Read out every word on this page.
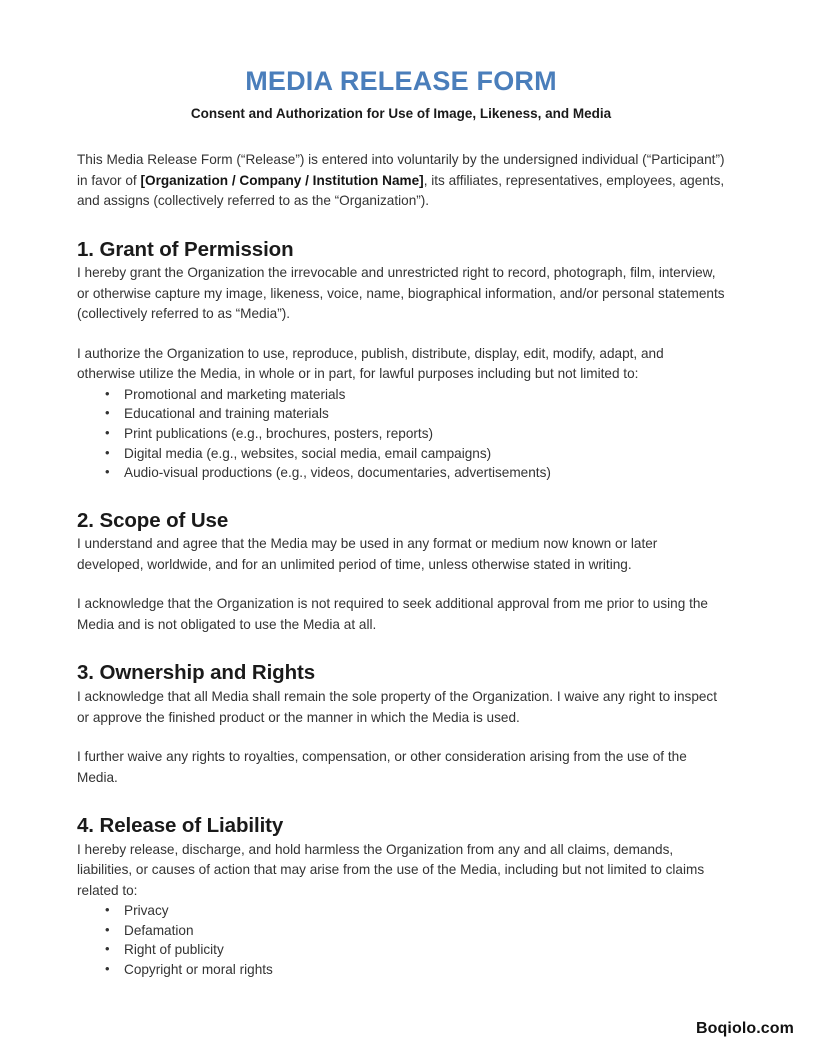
MEDIA RELEASE FORM
Consent and Authorization for Use of Image, Likeness, and Media

This Media Release Form (“Release”) is entered into voluntarily by the undersigned individual (“Participant”) in favor of [Organization / Company / Institution Name], its affiliates, representatives, employees, agents, and assigns (collectively referred to as the “Organization”).

1. Grant of Permission

I hereby grant the Organization the irrevocable and unrestricted right to record, photograph, film, interview, or otherwise capture my image, likeness, voice, name, biographical information, and/or personal statements (collectively referred to as “Media”).

I authorize the Organization to use, reproduce, publish, distribute, display, edit, modify, adapt, and otherwise utilize the Media, in whole or in part, for lawful purposes including but not limited to:

• Promotional and marketing materials
• Educational and training materials
• Print publications (e.g., brochures, posters, reports)
• Digital media (e.g., websites, social media, email campaigns)
• Audio-visual productions (e.g., videos, documentaries, advertisements)
2. Scope of Use

I understand and agree that the Media may be used in any format or medium now known or later developed, worldwide, and for an unlimited period of time, unless otherwise stated in writing.

I acknowledge that the Organization is not required to seek additional approval from me prior to using the Media and is not obligated to use the Media at all.

3. Ownership and Rights

I acknowledge that all Media shall remain the sole property of the Organization. I waive any right to inspect or approve the finished product or the manner in which the Media is used.

I further waive any rights to royalties, compensation, or other consideration arising from the use of the Media.

4. Release of Liability

I hereby release, discharge, and hold harmless the Organization from any and all claims, demands, liabilities, or causes of action that may arise from the use of the Media, including but not limited to claims related to:

• Privacy
• Defamation
• Right of publicity
• Copyright or moral rights
Boqiolo.com
